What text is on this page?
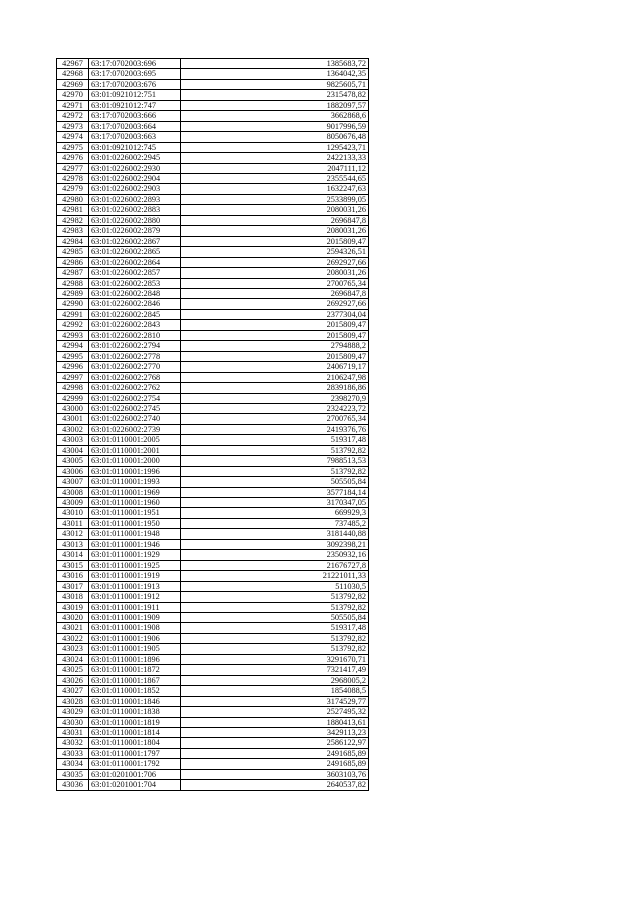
42967	63:17:0702003:696	1385683,72
42968	63:17:0702003:695	1364042,35
42969	63:17:0702003:676	9825605,71
42970	63:01:0921012:751	2315478,82
42971	63:01:0921012:747	1882097,57
42972	63:17:0702003:666	3662868,6
42973	63:17:0702003:664	9017996,59
42974	63:17:0702003:663	8050676,48
42975	63:01:0921012:745	1295423,71
42976	63:01:0226002:2945	2422133,33
42977	63:01:0226002:2930	2047111,12
42978	63:01:0226002:2904	2355544,65
42979	63:01:0226002:2903	1632247,63
42980	63:01:0226002:2893	2533899,05
42981	63:01:0226002:2883	2080031,26
42982	63:01:0226002:2880	2696847,8
42983	63:01:0226002:2879	2080031,26
42984	63:01:0226002:2867	2015809,47
42985	63:01:0226002:2865	2594326,51
42986	63:01:0226002:2864	2692927,66
42987	63:01:0226002:2857	2080031,26
42988	63:01:0226002:2853	2700765,34
42989	63:01:0226002:2848	2696847,8
42990	63:01:0226002:2846	2692927,66
42991	63:01:0226002:2845	2377304,04
42992	63:01:0226002:2843	2015809,47
42993	63:01:0226002:2810	2015809,47
42994	63:01:0226002:2794	2794888,2
42995	63:01:0226002:2778	2015809,47
42996	63:01:0226002:2770	2406719,17
42997	63:01:0226002:2768	2106247,98
42998	63:01:0226002:2762	2839186,86
42999	63:01:0226002:2754	2398270,9
43000	63:01:0226002:2745	2324223,72
43001	63:01:0226002:2740	2700765,34
43002	63:01:0226002:2739	2419376,76
43003	63:01:0110001:2005	519317,48
43004	63:01:0110001:2001	513792,82
43005	63:01:0110001:2000	7988513,53
43006	63:01:0110001:1996	513792,82
43007	63:01:0110001:1993	505505,84
43008	63:01:0110001:1969	3577184,14
43009	63:01:0110001:1960	3170347,05
43010	63:01:0110001:1951	669929,3
43011	63:01:0110001:1950	737485,2
43012	63:01:0110001:1948	3181440,88
43013	63:01:0110001:1946	3092398,21
43014	63:01:0110001:1929	2350932,16
43015	63:01:0110001:1925	21676727,8
43016	63:01:0110001:1919	21221011,33
43017	63:01:0110001:1913	511030,5
43018	63:01:0110001:1912	513792,82
43019	63:01:0110001:1911	513792,82
43020	63:01:0110001:1909	505505,84
43021	63:01:0110001:1908	519317,48
43022	63:01:0110001:1906	513792,82
43023	63:01:0110001:1905	513792,82
43024	63:01:0110001:1896	3291670,71
43025	63:01:0110001:1872	7321417,49
43026	63:01:0110001:1867	2968005,2
43027	63:01:0110001:1852	1854088,5
43028	63:01:0110001:1846	3174529,77
43029	63:01:0110001:1838	2527495,32
43030	63:01:0110001:1819	1880413,61
43031	63:01:0110001:1814	3429113,23
43032	63:01:0110001:1804	2586122,97
43033	63:01:0110001:1797	2491685,89
43034	63:01:0110001:1792	2491685,89
43035	63:01:0201001:706	3603103,76
43036	63:01:0201001:704	2640537,82
